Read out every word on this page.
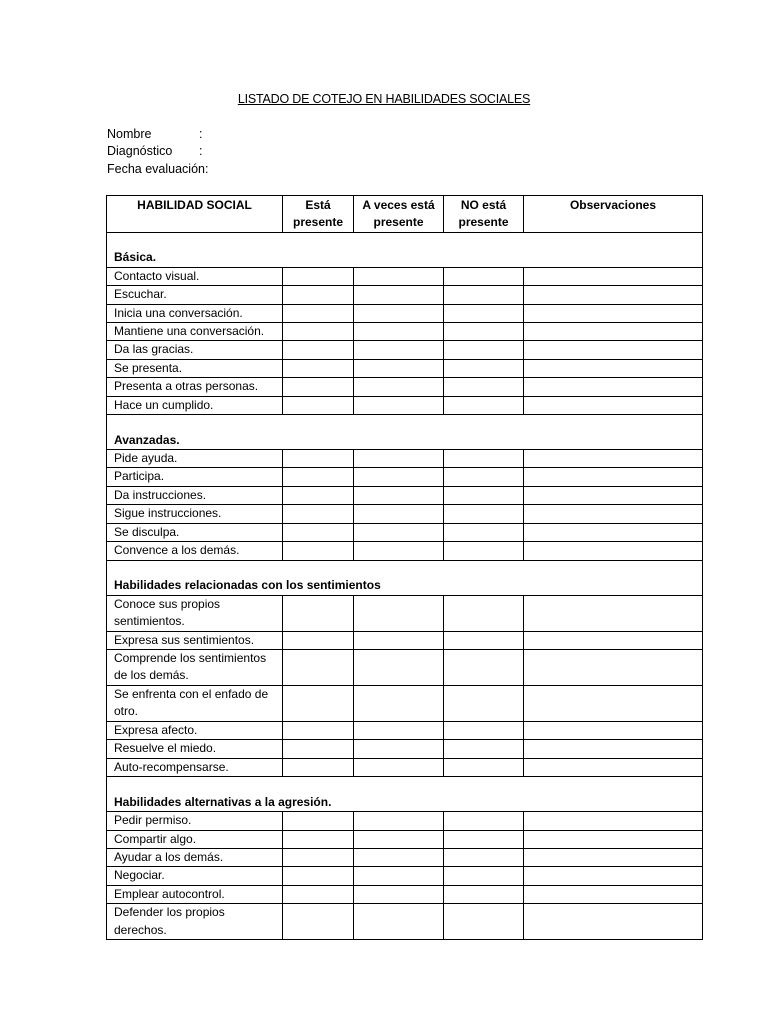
LISTADO DE COTEJO EN HABILIDADES SOCIALES
Nombre	:
Diagnóstico	:
Fecha evaluación:
HABILIDAD SOCIAL	Está presente	A veces está presente	NO está presente	Observaciones
Básica.				
Contacto visual.				
Escuchar.				
Inicia una conversación.				
Mantiene una conversación.				
Da las gracias.				
Se presenta.				
Presenta a otras personas.				
Hace un cumplido.				
Avanzadas.				
Pide ayuda.				
Participa.				
Da instrucciones.				
Sigue instrucciones.				
Se disculpa.				
Convence a los demás.				
Habilidades relacionadas con los sentimientos				
Conoce sus propios sentimientos.				
Expresa sus sentimientos.				
Comprende los sentimientos de los demás.				
Se enfrenta con el enfado de otro.				
Expresa afecto.				
Resuelve el miedo.				
Auto-recompensarse.				
Habilidades alternativas a la agresión.				
Pedir permiso.				
Compartir algo.				
Ayudar a los demás.				
Negociar.				
Emplear autocontrol.				
Defender los propios derechos.				
